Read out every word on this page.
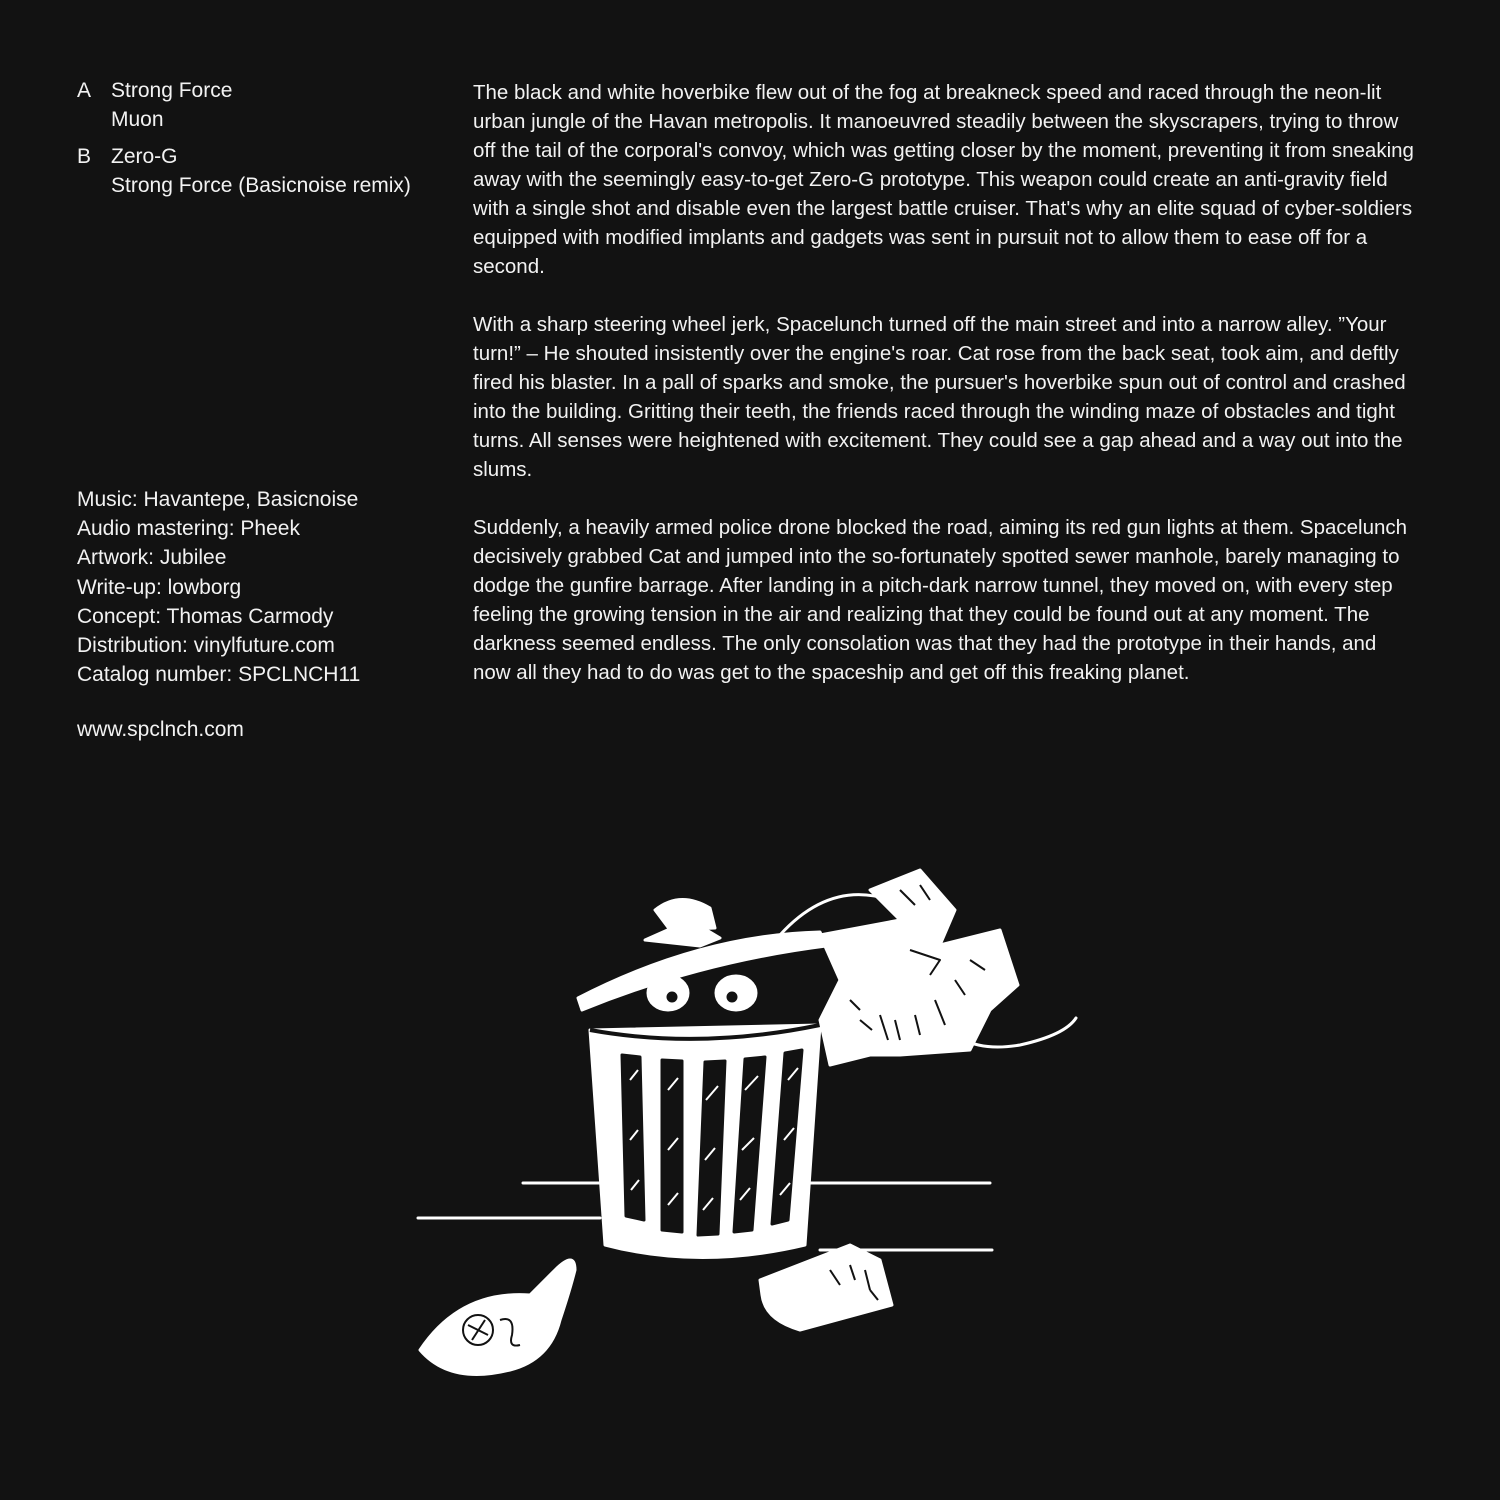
A Strong Force
Muon
B Zero-G
Strong Force (Basicnoise remix)
Music: Havantepe, Basicnoise
Audio mastering: Pheek
Artwork: Jubilee
Write-up: lowborg
Concept: Thomas Carmody
Distribution: vinylfuture.com
Catalog number: SPCLNCH11
www.spclnch.com

The black and white hoverbike flew out of the fog at breakneck speed and raced through the neon-lit urban jungle of the Havan metropolis. It manoeuvred steadily between the skyscrapers, trying to throw off the tail of the corporal's convoy, which was getting closer by the moment, preventing it from sneaking away with the seemingly easy-to-get Zero-G prototype. This weapon could create an anti-gravity field with a single shot and disable even the largest battle cruiser. That's why an elite squad of cyber-soldiers equipped with modified implants and gadgets was sent in pursuit not to allow them to ease off for a second.

With a sharp steering wheel jerk, Spacelunch turned off the main street and into a narrow alley. ”Your turn!” – He shouted insistently over the engine's roar. Cat rose from the back seat, took aim, and deftly fired his blaster. In a pall of sparks and smoke, the pursuer's hoverbike spun out of control and crashed into the building. Gritting their teeth, the friends raced through the winding maze of obstacles and tight turns. All senses were heightened with excitement. They could see a gap ahead and a way out into the slums.

Suddenly, a heavily armed police drone blocked the road, aiming its red gun lights at them. Spacelunch decisively grabbed Cat and jumped into the so-fortunately spotted sewer manhole, barely managing to dodge the gunfire barrage. After landing in a pitch-dark narrow tunnel, they moved on, with every step feeling the growing tension in the air and realizing that they could be found out at any moment. The darkness seemed endless. The only consolation was that they had the prototype in their hands, and now all they had to do was get to the spaceship and get off this freaking planet.
